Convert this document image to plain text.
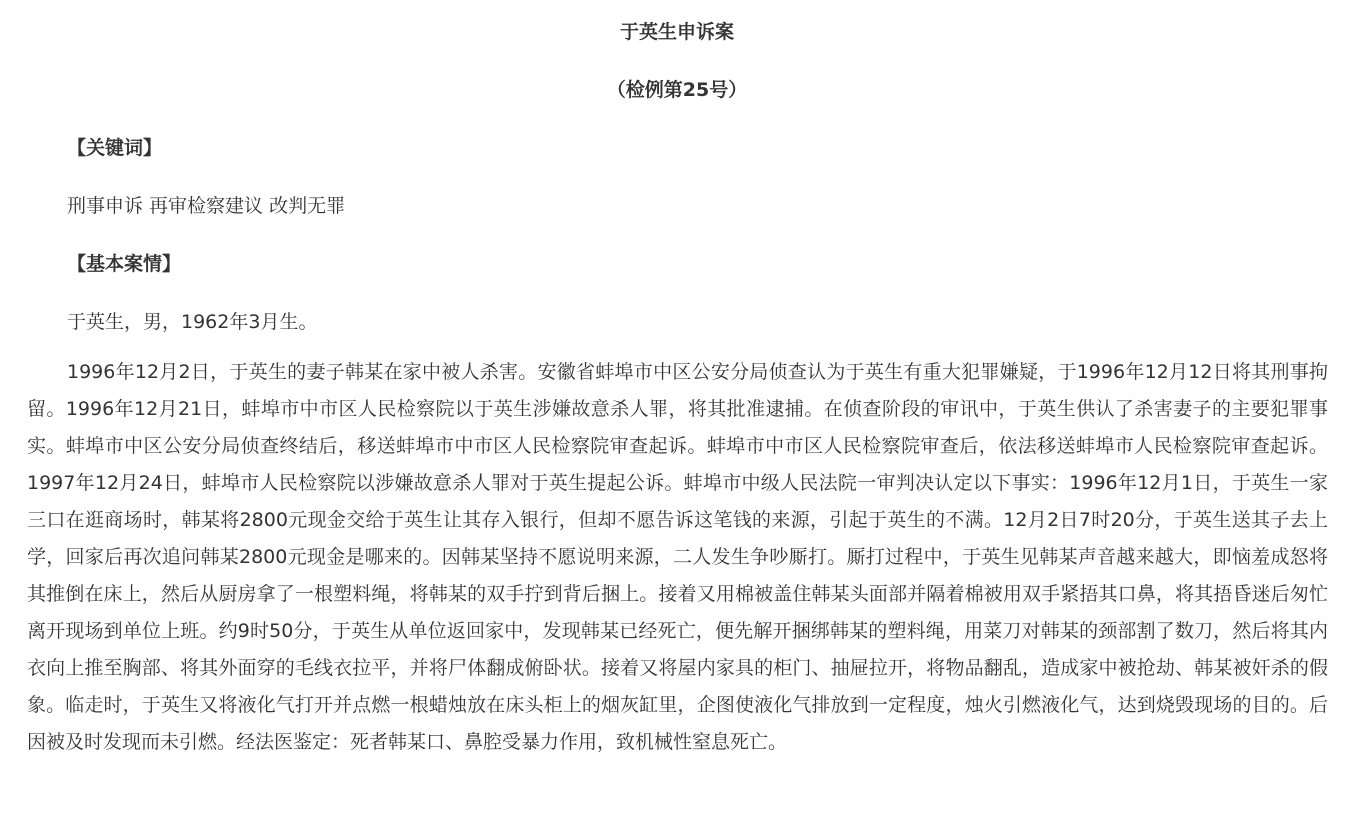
于英生申诉案
（检例第25号）
【关键词】
刑事申诉 再审检察建议 改判无罪
【基本案情】
于英生，男，1962年3月生。

1996年12月2日，于英生的妻子韩某在家中被人杀害。安徽省蚌埠市中区公安分局侦查认为于英生有重大犯罪嫌疑，于1996年12月12日将其刑事拘留。1996年12月21日，蚌埠市中市区人民检察院以于英生涉嫌故意杀人罪，将其批准逮捕。在侦查阶段的审讯中，于英生供认了杀害妻子的主要犯罪事实。蚌埠市中区公安分局侦查终结后，移送蚌埠市中市区人民检察院审查起诉。蚌埠市中市区人民检察院审查后，依法移送蚌埠市人民检察院审查起诉。1997年12月24日，蚌埠市人民检察院以涉嫌故意杀人罪对于英生提起公诉。蚌埠市中级人民法院一审判决认定以下事实：1996年12月1日，于英生一家三口在逛商场时，韩某将2800元现金交给于英生让其存入银行，但却不愿告诉这笔钱的来源，引起于英生的不满。12月2日7时20分，于英生送其子去上学，回家后再次追问韩某2800元现金是哪来的。因韩某坚持不愿说明来源，二人发生争吵厮打。厮打过程中，于英生见韩某声音越来越大，即恼羞成怒将其推倒在床上，然后从厨房拿了一根塑料绳，将韩某的双手拧到背后捆上。接着又用棉被盖住韩某头面部并隔着棉被用双手紧捂其口鼻，将其捂昏迷后匆忙离开现场到单位上班。约9时50分，于英生从单位返回家中，发现韩某已经死亡，便先解开捆绑韩某的塑料绳，用菜刀对韩某的颈部割了数刀，然后将其内衣向上推至胸部、将其外面穿的毛线衣拉平，并将尸体翻成俯卧状。接着又将屋内家具的柜门、抽屉拉开，将物品翻乱，造成家中被抢劫、韩某被奸杀的假象。临走时，于英生又将液化气打开并点燃一根蜡烛放在床头柜上的烟灰缸里，企图使液化气排放到一定程度，烛火引燃液化气，达到烧毁现场的目的。后因被及时发现而未引燃。经法医鉴定：死者韩某口、鼻腔受暴力作用，致机械性窒息死亡。
